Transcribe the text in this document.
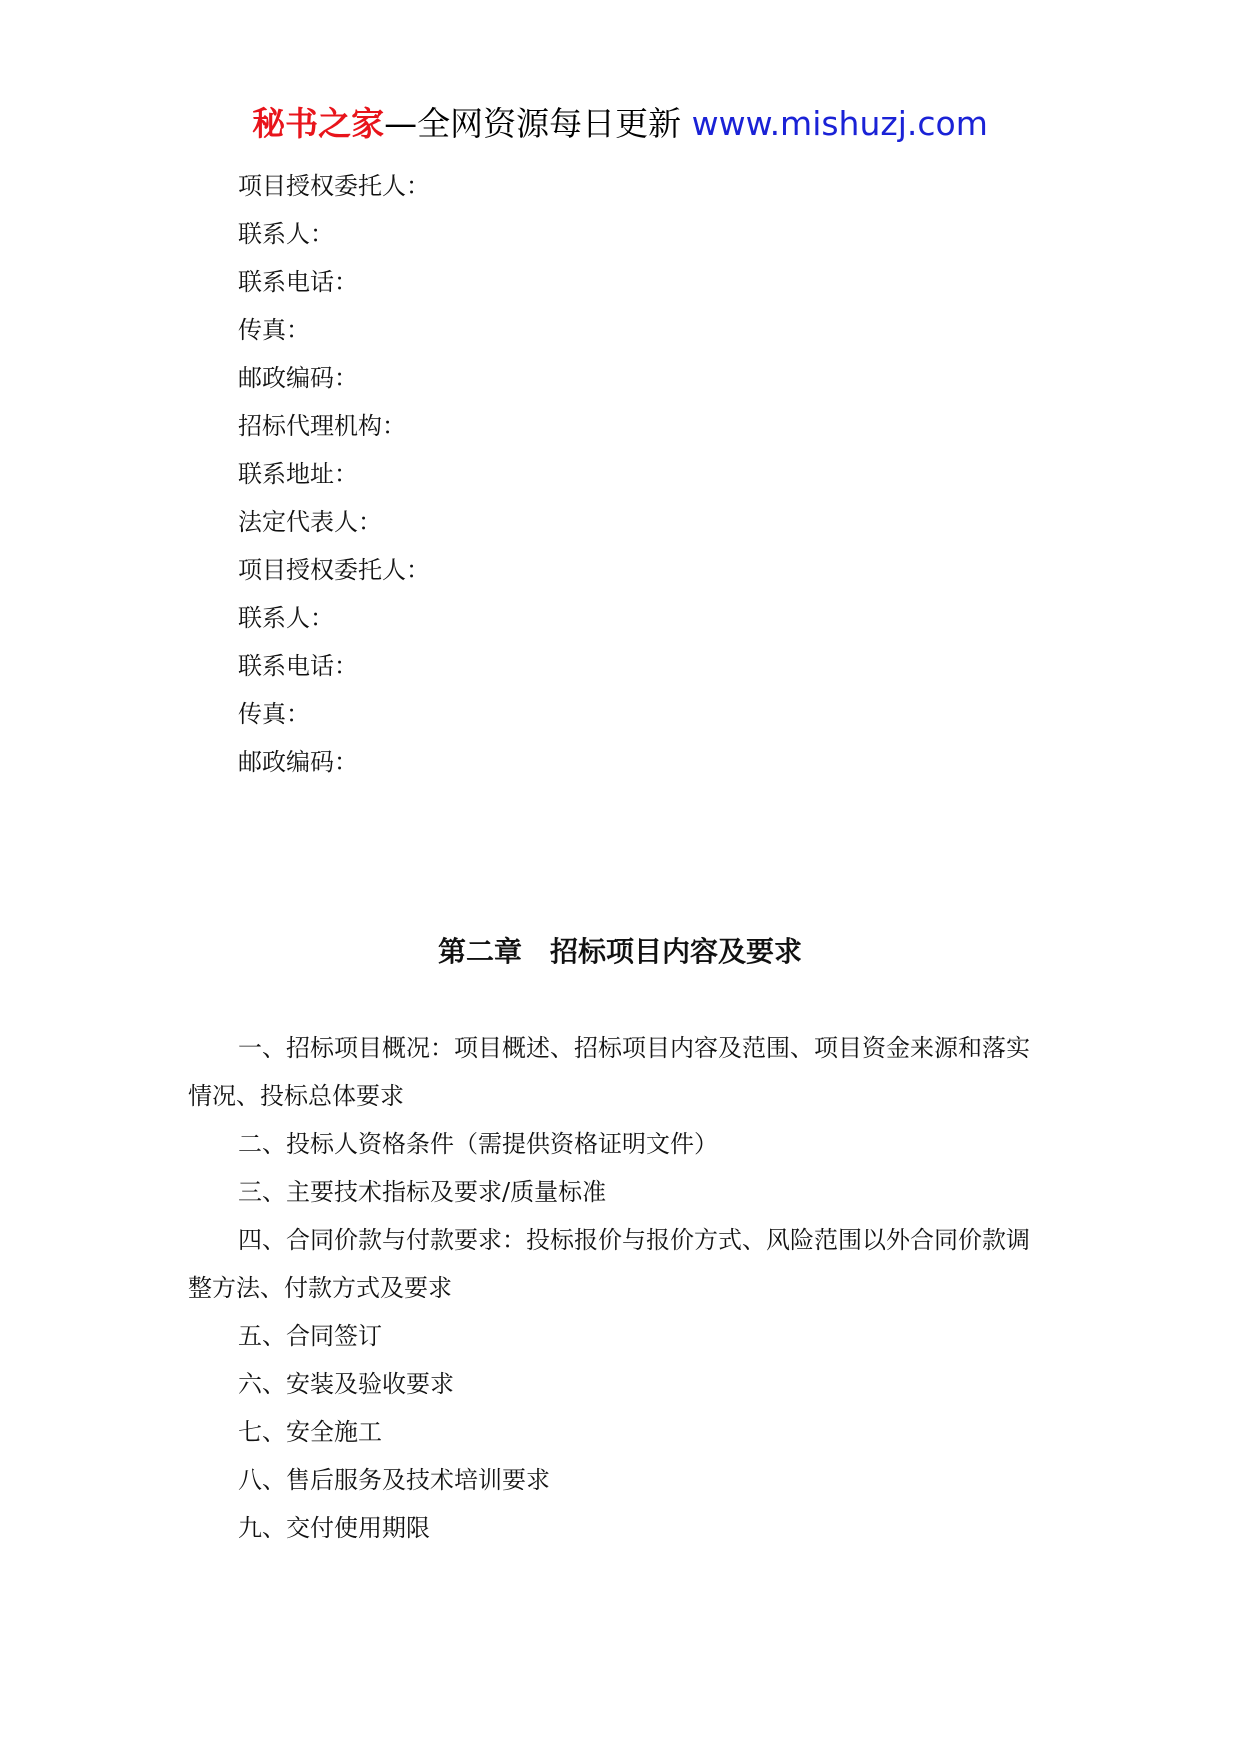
秘书之家—全网资源每日更新 www.mishuzj.com
项目授权委托人：
联系人：
联系电话：
传真：
邮政编码：
招标代理机构：
联系地址：
法定代表人：
项目授权委托人：
联系人：
联系电话：
传真：
邮政编码：
第二章　招标项目内容及要求

一、招标项目概况：项目概述、招标项目内容及范围、项目资金来源和落实情况、投标总体要求

二、投标人资格条件（需提供资格证明文件）

三、主要技术指标及要求/质量标准

四、合同价款与付款要求：投标报价与报价方式、风险范围以外合同价款调整方法、付款方式及要求

五、合同签订

六、安装及验收要求

七、安全施工

八、售后服务及技术培训要求

九、交付使用期限
